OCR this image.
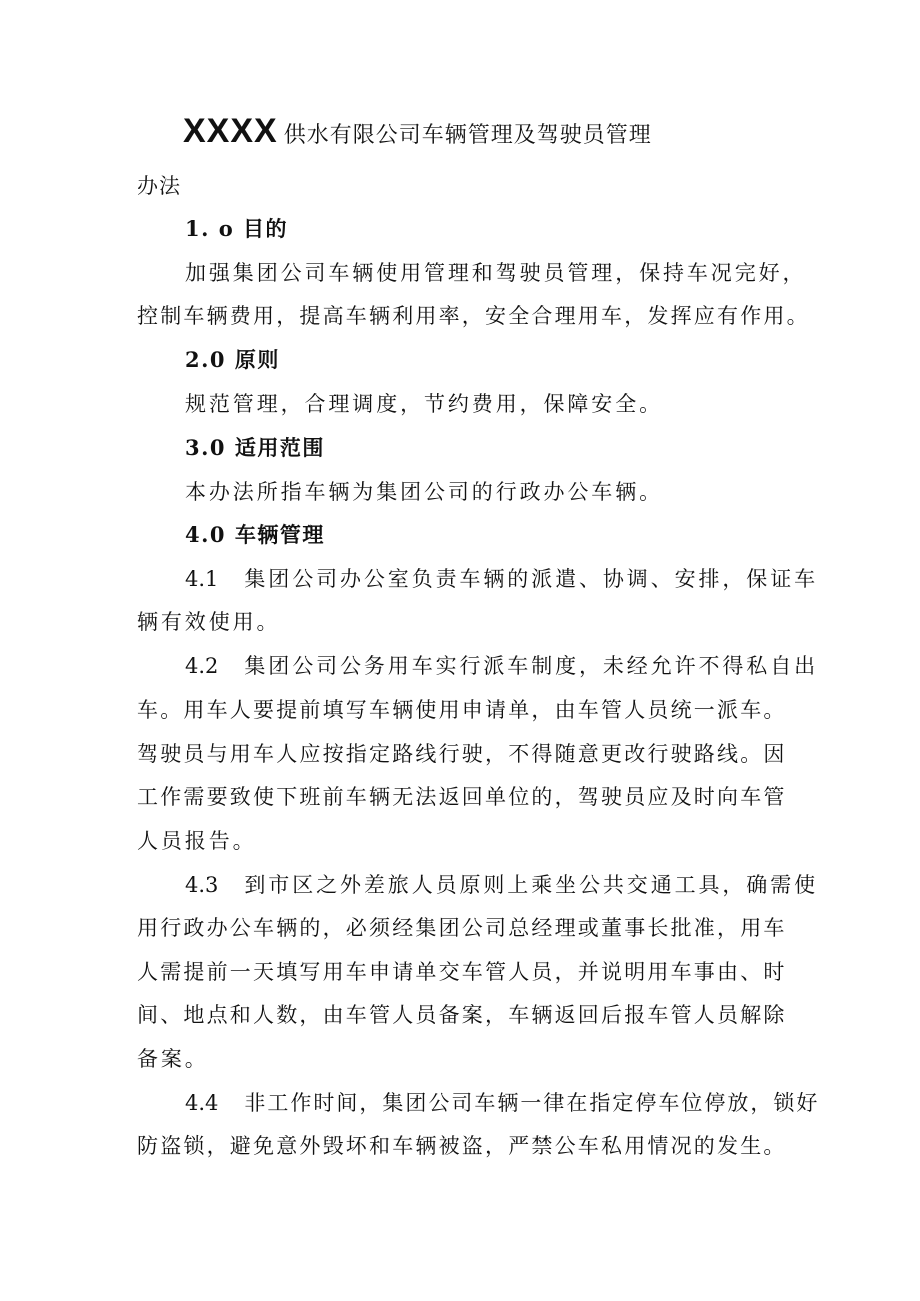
XXXX 供水有限公司车辆管理及驾驶员管理
办法
1. o 目的
加强集团公司车辆使用管理和驾驶员管理，保持车况完好，
控制车辆费用，提高车辆利用率，安全合理用车，发挥应有作用。
2.0 原则
规范管理，合理调度，节约费用，保障安全。
3.0 适用范围
本办法所指车辆为集团公司的行政办公车辆。
4.0 车辆管理
4.1 集团公司办公室负责车辆的派遣、协调、安排，保证车
辆有效使用。
4.2 集团公司公务用车实行派车制度，未经允许不得私自出
车。用车人要提前填写车辆使用申请单，由车管人员统一派车。
驾驶员与用车人应按指定路线行驶，不得随意更改行驶路线。因
工作需要致使下班前车辆无法返回单位的，驾驶员应及时向车管
人员报告。
4.3 到市区之外差旅人员原则上乘坐公共交通工具，确需使
用行政办公车辆的，必须经集团公司总经理或董事长批准，用车
人需提前一天填写用车申请单交车管人员，并说明用车事由、时
间、地点和人数，由车管人员备案，车辆返回后报车管人员解除
备案。
4.4 非工作时间，集团公司车辆一律在指定停车位停放，锁好
防盗锁，避免意外毁坏和车辆被盗，严禁公车私用情况的发生。
